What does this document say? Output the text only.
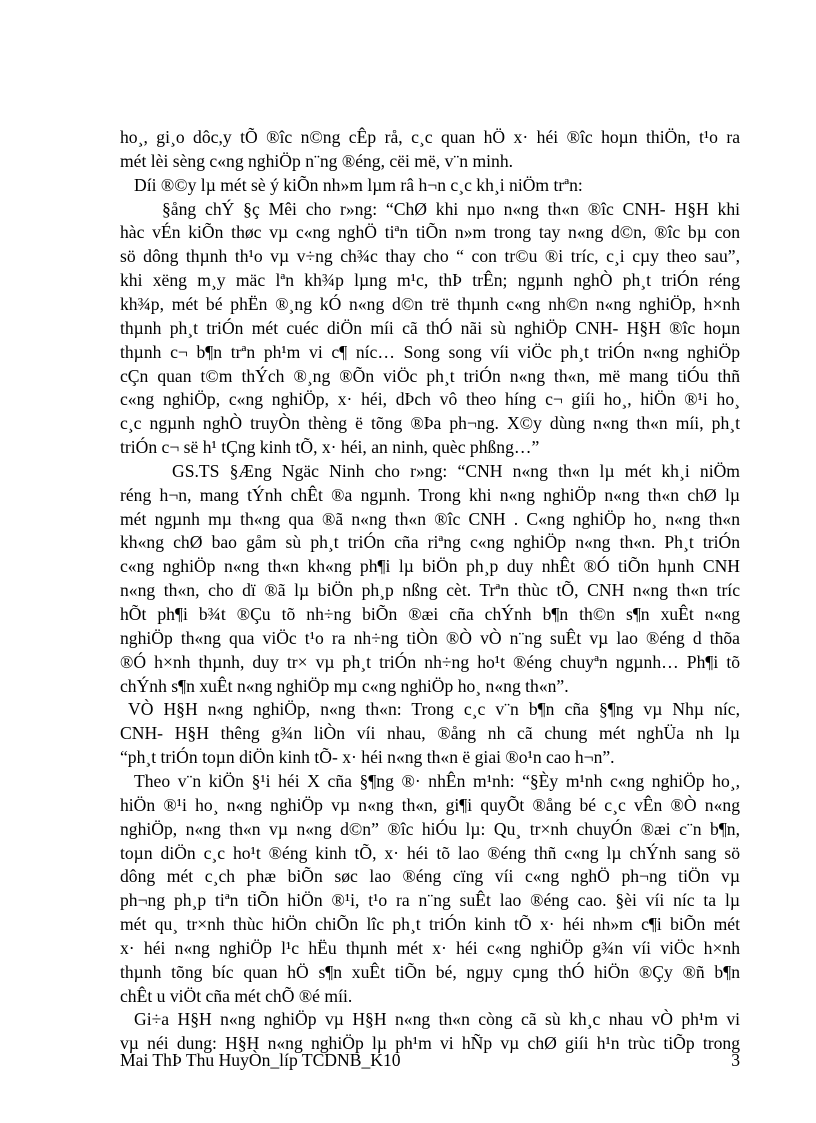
ho¸, gi¸o dôc,y tÕ ®îc n©ng cÊp rå, c¸c quan hÖ x· héi ®îc hoµn thiÖn, t¹o ra
mét lèi sèng c«ng nghiÖp n¨ng ®éng, cëi më, v¨n minh.
Díi ®©y lµ mét sè ý kiÕn nh»m lµm râ h¬n c¸c kh¸i niÖm trªn:
§ång chÝ §ç Mêi cho r»ng: “ChØ khi nµo n«ng th«n ®îc CNH- H§H khi
hàc vÉn kiÕn thøc vµ c«ng nghÖ tiªn tiÕn n»m trong tay n«ng d©n, ®îc bµ con
sö dông thµnh th¹o vµ v÷ng ch¾c thay cho “ con tr©u ®i tríc, c¸i cµy theo sau”,
khi xëng m¸y mäc lªn kh¾p lµng m¹c, thÞ trÊn; ngµnh nghÒ ph¸t triÓn réng
kh¾p, mét bé phËn ®¸ng kÓ n«ng d©n trë thµnh c«ng nh©n n«ng nghiÖp, h×nh
thµnh ph¸t triÓn mét cuéc diÖn míi cã thÓ nãi sù nghiÖp CNH- H§H ®îc hoµn
thµnh c¬ b¶n trªn ph¹m vi c¶ níc… Song song víi viÖc ph¸t triÓn n«ng nghiÖp
cÇn quan t©m thÝch ®¸ng ®Õn viÖc ph¸t triÓn n«ng th«n, më mang tiÓu thñ
c«ng nghiÖp, c«ng nghiÖp, x· héi, dÞch vô theo híng c¬ giíi ho¸, hiÖn ®¹i ho¸
c¸c ngµnh nghÒ truyÒn thèng ë tõng ®Þa ph¬ng. X©y dùng n«ng th«n míi, ph¸t
triÓn c¬ së h¹ tÇng kinh tÕ, x· héi, an ninh, quèc phßng…”
GS.TS §Æng Ngäc Ninh cho r»ng: “CNH n«ng th«n lµ mét kh¸i niÖm
réng h¬n, mang tÝnh chÊt ®a ngµnh. Trong khi n«ng nghiÖp n«ng th«n chØ lµ
mét ngµnh mµ th«ng qua ®ã n«ng th«n ®îc CNH . C«ng nghiÖp ho¸ n«ng th«n
kh«ng chØ bao gåm sù ph¸t triÓn cña riªng c«ng nghiÖp n«ng th«n. Ph¸t triÓn
c«ng nghiÖp n«ng th«n kh«ng ph¶i lµ biÖn ph¸p duy nhÊt ®Ó tiÕn hµnh CNH
n«ng th«n, cho dï ®ã lµ biÖn ph¸p nßng cèt. Trªn thùc tÕ, CNH n«ng th«n tríc
hÕt ph¶i b¾t ®Çu tõ nh÷ng biÕn ®æi cña chÝnh b¶n th©n s¶n xuÊt n«ng
nghiÖp th«ng qua viÖc t¹o ra nh÷ng tiÒn ®Ò vÒ n¨ng suÊt vµ lao ®éng d thõa
®Ó h×nh thµnh, duy tr× vµ ph¸t triÓn nh÷ng ho¹t ®éng chuyªn ngµnh… Ph¶i tõ
chÝnh s¶n xuÊt n«ng nghiÖp mµ c«ng nghiÖp ho¸ n«ng th«n”.
VÒ H§H n«ng nghiÖp, n«ng th«n: Trong c¸c v¨n b¶n cña §¶ng vµ Nhµ níc,
CNH- H§H thêng g¾n liÒn víi nhau, ®ång nh cã chung mét nghÜa nh lµ
“ph¸t triÓn toµn diÖn kinh tÕ- x· héi n«ng th«n ë giai ®o¹n cao h¬n”.
Theo v¨n kiÖn §¹i héi X cña §¶ng ®· nhÊn m¹nh: “§Èy m¹nh c«ng nghiÖp ho¸,
hiÖn ®¹i ho¸ n«ng nghiÖp vµ n«ng th«n, gi¶i quyÕt ®ång bé c¸c vÊn ®Ò n«ng
nghiÖp, n«ng th«n vµ n«ng d©n” ®îc hiÓu lµ: Qu¸ tr×nh chuyÓn ®æi c¨n b¶n,
toµn diÖn c¸c ho¹t ®éng kinh tÕ, x· héi tõ lao ®éng thñ c«ng lµ chÝnh sang sö
dông mét c¸ch phæ biÕn søc lao ®éng cïng víi c«ng nghÖ ph¬ng tiÖn vµ
ph¬ng ph¸p tiªn tiÕn hiÖn ®¹i, t¹o ra n¨ng suÊt lao ®éng cao. §èi víi níc ta lµ
mét qu¸ tr×nh thùc hiÖn chiÕn lîc ph¸t triÓn kinh tÕ x· héi nh»m c¶i biÕn mét
x· héi n«ng nghiÖp l¹c hËu thµnh mét x· héi c«ng nghiÖp g¾n víi viÖc h×nh
thµnh tõng bíc quan hÖ s¶n xuÊt tiÕn bé, ngµy cµng thÓ hiÖn ®Çy ®ñ b¶n
chÊt u viÖt cña mét chÕ ®é míi.
Gi÷a H§H n«ng nghiÖp vµ H§H n«ng th«n còng cã sù kh¸c nhau vÒ ph¹m vi
vµ néi dung: H§H n«ng nghiÖp lµ ph¹m vi hÑp vµ chØ giíi h¹n trùc tiÕp trong
Mai ThÞ Thu HuyÒn_líp TCDNB_K10	3
